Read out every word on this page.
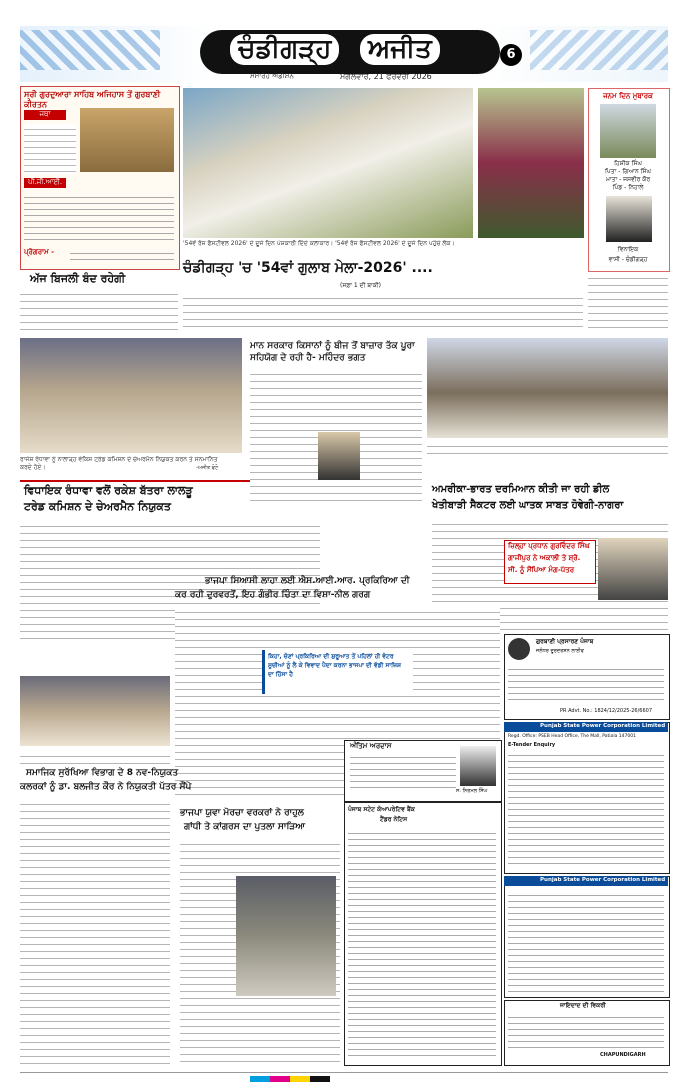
ਚੰਡੀਗੜ੍ਹ	ਅਜੀਤ	6
ਸਮਾਰੋਹ ਐਡੀਸ਼ਨ	ਮੰਗਲਵਾਰ, 21 ਫਰਵਰੀ 2026
ਸ੍ਰੀ ਗੁਰਦੁਆਰਾ ਸਾਹਿਬ ਅਜਿਹਾਸ ਤੋਂ ਗੁਰਬਾਣੀ ਕੀਰਤਨ
ਜਥਾ
ਪੀ.ਜੀ.ਆਈ.
ਪ੍ਰੋਗਰਾਮ -
'54ਵੇਂ ਰੋਜ਼ ਫੈਸਟੀਵਲ 2026' ਦੇ ਦੂਜੇ ਦਿਨ ਪੇਸ਼ਕਾਰੀ ਦਿੰਦੇ ਕਲਾਕਾਰ। '54ਵੇਂ ਰੋਜ਼ ਫੈਸਟੀਵਲ 2026' ਦੇ ਦੂਜੇ ਦਿਨ ਪਹੁੰਚੇ ਲੋਕ।
ਚੰਡੀਗੜ੍ਹ 'ਚ '54ਵਾਂ ਗੁਲਾਬ ਮੇਲਾ-2026' ....
(ਸਫ਼ਾ 1 ਦੀ ਬਾਕੀ)
ਜਨਮ ਦਿਨ ਮੁਬਾਰਕ
ਹਿਸ਼ੀਕ ਸਿੰਘ
ਪਿਤਾ - ਗਿਆਨ ਸਿੰਘ
ਮਾਤਾ - ਜਸਵੀਰ ਕੌਰ
ਪਿੰਡ - ਨਿਹਾਲੇ
ਵਿਨਾਇਕ
ਵਾਸੀ - ਚੰਡੀਗੜ੍ਹ
ਅੱਜ ਬਿਜਲੀ ਬੰਦ ਰਹੇਗੀ
ਰਾਜੇਸ਼ ਰੰਧਾਵਾ ਨੂੰ ਨਾਲਾੜ੍ਹ ਵੇਕਿਸ਼ ਟ੍ਰੇਡ ਕਮਿਸ਼ਨ ਦੇ ਚੇਅਰਮੈਨ ਨਿਯੁਕਤ ਕਰਨ ਤੇ ਸਨਮਾਨਿਤ ਕਰਦੇ ਹੋਏ।	-ਅਜੀਤ ਫੋਟੋ
ਮਾਨ ਸਰਕਾਰ ਕਿਸਾਨਾਂ ਨੂੰ ਬੀਜ ਤੋਂ ਬਾਜ਼ਾਰ ਤੱਕ ਪੂਰਾ ਸਹਿਯੋਗ ਦੇ ਰਹੀ ਹੈ- ਮਹਿੰਦਰ ਭਗਤ
ਵਿਧਾਇਕ ਰੰਧਾਵਾ ਵਲੋਂ ਰਕੇਸ਼ ਬੱਤਰਾ ਲਾਲੜੂ
ਟਰੇਡ ਕਮਿਸ਼ਨ ਦੇ ਚੇਅਰਮੈਨ ਨਿਯੁਕਤ
ਅਮਰੀਕਾ-ਭਾਰਤ ਦਰਮਿਆਨ ਕੀਤੀ ਜਾ ਰਹੀ ਡੀਲ
ਖੇਤੀਬਾੜੀ ਸੈਕਟਰ ਲਈ ਘਾਤਕ ਸਾਬਤ ਹੋਵੇਗੀ-ਨਾਗਰਾ
ਜ਼ਿਲ੍ਹਾ ਪ੍ਰਧਾਨ ਗੁਰਵਿੰਦਰ ਸਿੰਘ
ਗਾਜੀਪੁਰ ਨੇ ਅਕਾਲੀ ਤੇ ਸ਼੍ਰੋ.
ਸੀ. ਨੂੰ ਸੌਂਪਿਆ ਮੰਗ-ਪੱਤਰ
ਭਾਜਪਾ ਸਿਆਸੀ ਲਾਹਾ ਲਈ ਐਸ.ਆਈ.ਆਰ. ਪ੍ਰਕਿਰਿਆ ਦੀ
ਕਰ ਰਹੀ ਦੁਰਵਰਤੋਂ, ਇਹ ਗੰਭੀਰ ਚਿੰਤਾ ਦਾ ਵਿਸ਼ਾ-ਨੀਲ ਗਰਗ
ਕਿਹਾ, ਚੋਣਾਂ ਪ੍ਰਕਿਰਿਆ ਦੀ ਸ਼ੁਰੂਆਤ ਤੋਂ ਪਹਿਲਾਂ ਹੀ ਵੋਟਰ ਸੂਚੀਆਂ ਨੂੰ ਲੈ ਕੇ ਵਿਵਾਦ ਪੈਦਾ ਕਰਨਾ ਭਾਜਪਾ ਦੀ ਵੱਡੀ ਸਾਜ਼ਿਸ਼ ਦਾ ਹਿੱਸਾ ਹੈ
ਸਮਾਜਿਕ ਸੁਰੱਖਿਆ ਵਿਭਾਗ ਦੇ 8 ਨਵ-ਨਿਯੁਕਤ
ਕਲਰਕਾਂ ਨੂੰ ਡਾ. ਬਲਜੀਤ ਕੌਰ ਨੇ ਨਿਯੁਕਤੀ ਪੱਤਰ ਸੌਂਪੇ
ਭਾਜਪਾ ਯੁਵਾ ਮੋਰਚਾ ਵਰਕਰਾਂ ਨੇ ਰਾਹੁਲ
ਗਾਂਧੀ ਤੇ ਕਾਂਗਰਸ ਦਾ ਪੁਤਲਾ ਸਾੜਿਆ
ਅੰਤਿਮ ਅਰਦਾਸ
ਸ. ਨਿਰਮਲ ਸਿੰਘ
ਪੰਜਾਬ ਸਟੇਟ ਕੋਆਪਰੇਟਿਵ ਬੈਂਕ
ਟੈਂਡਰ ਨੋਟਿਸ
ਗੁਰਬਾਣੀ ਪ੍ਰਸਾਰਣ ਪੰਜਾਬ
ਜਲੰਧਰ ਦੂਰਦਰਸ਼ਨ ਲਾਈਵ
PR Advt. No.: 1824/12/2025-26/6607
Punjab State Power Corporation Limited
Regd. Office: PSEB Head Office, The Mall, Patiala 147001
E-Tender Enquiry
Punjab State Power Corporation Limited
ਜਾਇਦਾਦ ਦੀ ਵਿਕਰੀ
CHAPUNDIGARH
